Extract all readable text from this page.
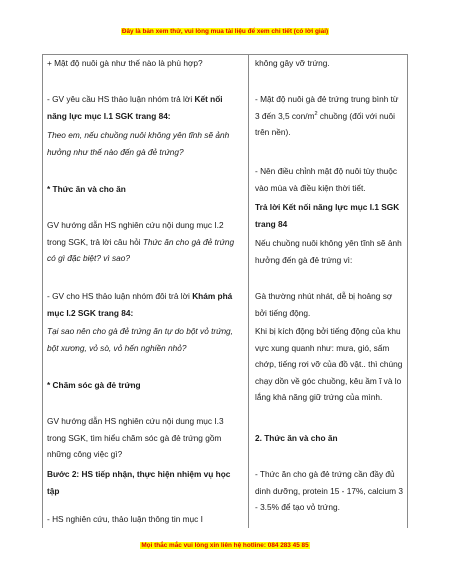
Đây là bản xem thử, vui lòng mua tài liệu để xem chi tiết (có lời giải)

+ Mật độ nuôi gà như thế nào là phù hợp?

- GV yêu cầu HS thảo luận nhóm trả lời Kết nối năng lực mục I.1 SGK trang 84:

Theo em, nếu chuồng nuôi không yên tĩnh sẽ ảnh hưởng như thế nào đến gà đẻ trứng?

* Thức ăn và cho ăn

GV hướng dẫn HS nghiên cứu nội dung mục I.2 trong SGK, trả lời câu hỏi Thức ăn cho gà đẻ trứng có gì đặc biệt? vì sao?

- GV cho HS thảo luận nhóm đôi trả lời Khám phá mục I.2 SGK trang 84:

Tại sao nên cho gà đẻ trứng ăn tự do bột vỏ trứng, bột xương, vỏ sò, vỏ hến nghiền nhỏ?

* Chăm sóc gà đẻ trứng

GV hướng dẫn HS nghiên cứu nội dung mục I.3 trong SGK, tìm hiểu chăm sóc gà đẻ trứng gồm những công việc gì?

Bước 2: HS tiếp nhận, thực hiện nhiệm vụ học tập

- HS nghiên cứu, thảo luận thông tin mục I

không gây vỡ trứng.

- Mật độ nuôi gà đẻ trứng trung bình từ 3 đến 3,5 con/$m^2$ chuồng (đối với nuôi trên nền).

- Nên điều chỉnh mật độ nuôi tùy thuộc vào mùa và điều kiện thời tiết.

Trả lời Kết nối năng lực mục I.1 SGK trang 84

Nếu chuồng nuôi không yên tĩnh sẽ ảnh hưởng đến gà đẻ trứng vì:

Gà thường nhút nhát, dễ bị hoảng sợ bởi tiếng động.

Khi bị kích động bởi tiếng động của khu vực xung quanh như: mưa, gió, sấm chớp, tiếng rơi vỡ của đồ vật.. thì chúng chạy dồn về góc chuồng, kêu ầm ĩ và lo lắng khả năng giữ trứng của mình.

2. Thức ăn và cho ăn

- Thức ăn cho gà đẻ trứng cần đầy đủ dinh dưỡng, protein 15 - 17%, calcium 3 - 3.5% để tạo vỏ trứng.

Mọi thắc mắc vui lòng xin liên hệ hotline: 084 283 45 85
